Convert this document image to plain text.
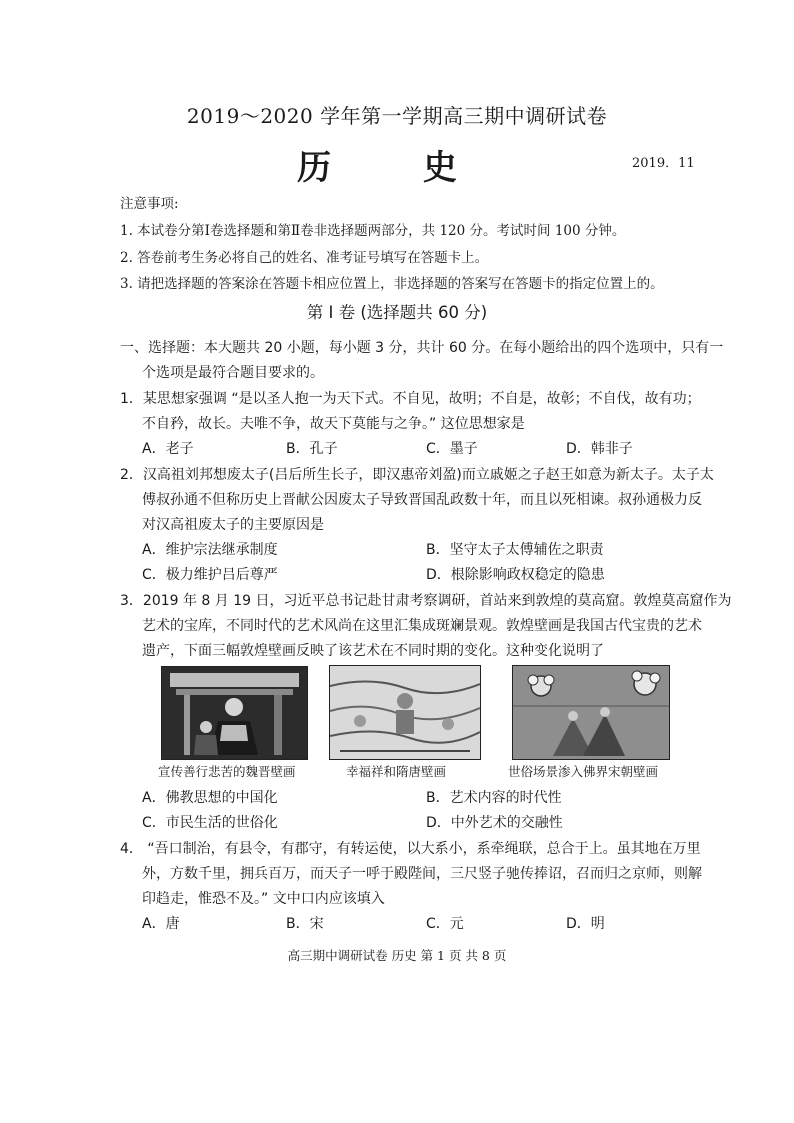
2019～2020 学年第一学期高三期中调研试卷
历 史	2019．11
注意事项:
1. 本试卷分第Ⅰ卷选择题和第Ⅱ卷非选择题两部分，共 120 分。考试时间 100 分钟。
2. 答卷前考生务必将自己的姓名、准考证号填写在答题卡上。
3. 请把选择题的答案涂在答题卡相应位置上，非选择题的答案写在答题卡的指定位置上的。
第 Ⅰ 卷 (选择题共 60 分)
一、选择题：本大题共 20 小题，每小题 3 分，共计 60 分。在每小题给出的四个选项中，只有一
个选项是最符合题目要求的。
1．某思想家强调 “是以圣人抱一为天下式。不自见，故明；不自是，故彰；不自伐，故有功；
不自矜，故长。夫唯不争，故天下莫能与之争。” 这位思想家是
A．老子	B．孔子	C．墨子	D．韩非子
2．汉高祖刘邦想废太子(吕后所生长子，即汉惠帝刘盈)而立戚姬之子赵王如意为新太子。太子太
傅叔孙通不但称历史上晋献公因废太子导致晋国乱政数十年，而且以死相谏。叔孙通极力反
对汉高祖废太子的主要原因是
A．维护宗法继承制度	B．坚守太子太傅辅佐之职责
C．极力维护吕后尊严	D．根除影响政权稳定的隐患
3．2019 年 8 月 19 日，习近平总书记赴甘肃考察调研，首站来到敦煌的莫高窟。敦煌莫高窟作为
艺术的宝库，不同时代的艺术风尚在这里汇集成斑斓景观。敦煌壁画是我国古代宝贵的艺术
遗产，下面三幅敦煌壁画反映了该艺术在不同时期的变化。这种变化说明了
宣传善行悲苦的魏晋壁画	幸福祥和隋唐壁画	世俗场景渗入佛界宋朝壁画
A．佛教思想的中国化	B．艺术内容的时代性
C．市民生活的世俗化	D．中外艺术的交融性
4． “吾口制治，有县令，有郡守，有转运使，以大系小，系牵绳联，总合于上。虽其地在万里
外，方数千里，拥兵百万，而天子一呼于殿陛间，三尺竖子驰传捧诏，召而归之京师，则解
印趋走，惟恐不及。” 文中口内应该填入
A．唐	B．宋	C．元	D．明
高三期中调研试卷 历史 第 1 页 共 8 页
